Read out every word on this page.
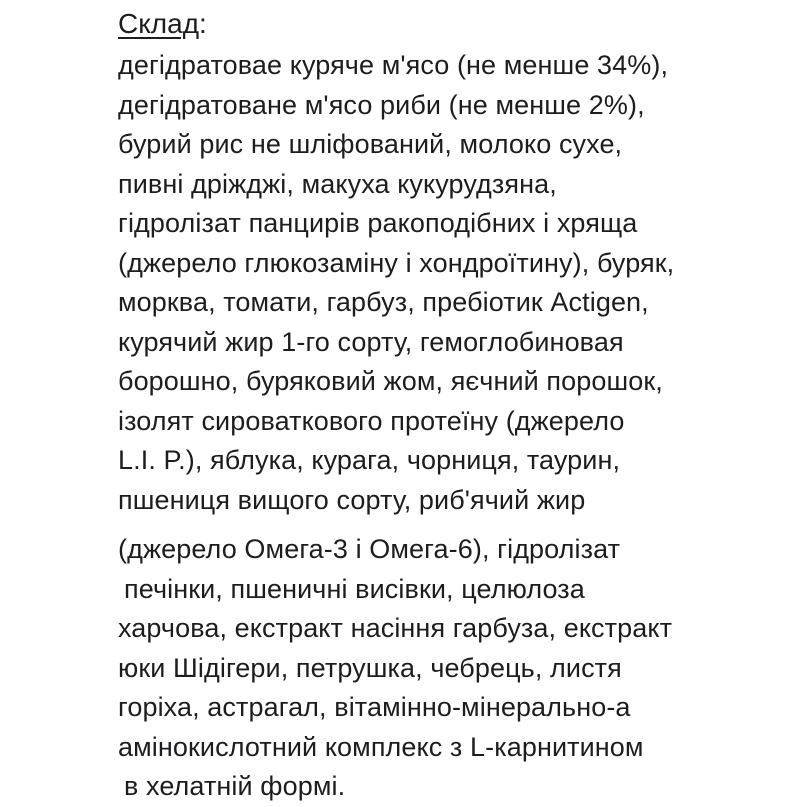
Склад:
дегідратовае куряче м'ясо (не менше 34%),
дегідратоване м'ясо риби (не менше 2%),
бурий рис не шліфований, молоко сухе,
пивні дріжджі, макуха кукурудзяна,
гідролізат панцирів ракоподібних і хряща
(джерело глюкозаміну і хондроїтину), буряк,
морква, томати, гарбуз, пребіотик Actigen,
курячий жир 1-го сорту, гемоглобиновая
борошно, буряковий жом, яєчний порошок,
ізолят сироваткового протеїну (джерело
L.I. P.), яблука, курага, чорниця, таурин,
пшениця вищого сорту, риб'ячий жир
(джерело Омега-3 і Омега-6), гідролізат
печінки, пшеничні висівки, целюлоза
харчова, екстракт насіння гарбуза, екстракт
юки Шідігери, петрушка, чебрець, листя
горіха, астрагал, вітамінно-мінерально-а
амінокислотний комплекс з L-карнитином
в хелатній формі.
